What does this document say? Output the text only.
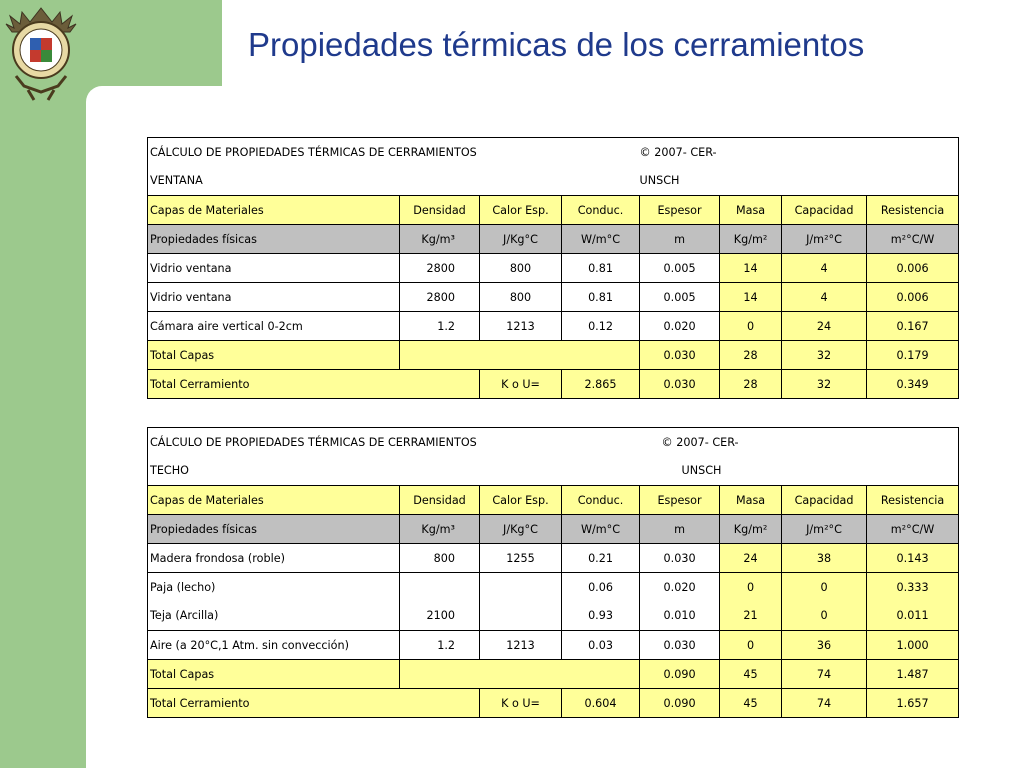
Propiedades térmicas de los cerramientos
CÁLCULO DE PROPIEDADES TÉRMICAS DE CERRAMIENTOS				© 2007- CER-			
VENTANA				UNSCH			
Capas de Materiales	Densidad	Calor Esp.	Conduc.	Espesor	Masa	Capacidad	Resistencia
Propiedades físicas	Kg/m³	J/Kg°C	W/m°C	m	Kg/m²	J/m²°C	m²°C/W
Vidrio ventana	2800	800	0.81	0.005	14	4	0.006
Vidrio ventana	2800	800	0.81	0.005	14	4	0.006
Cámara aire vertical 0-2cm	1.2	1213	0.12	0.020	0	24	0.167
Total Capas				0.030	28	32	0.179
Total Cerramiento		K o U=	2.865	0.030	28	32	0.349
CÁLCULO DE PROPIEDADES TÉRMICAS DE CERRAMIENTOS				© 2007- CER-			
TECHO				UNSCH			
Capas de Materiales	Densidad	Calor Esp.	Conduc.	Espesor	Masa	Capacidad	Resistencia
Propiedades físicas	Kg/m³	J/Kg°C	W/m°C	m	Kg/m²	J/m²°C	m²°C/W
Madera frondosa (roble)	800	1255	0.21	0.030	24	38	0.143
Paja (lecho)			0.06	0.020	0	0	0.333
Teja (Arcilla)	2100		0.93	0.010	21	0	0.011
Aire (a 20°C,1 Atm. sin convección)	1.2	1213	0.03	0.030	0	36	1.000
Total Capas				0.090	45	74	1.487
Total Cerramiento		K o U=	0.604	0.090	45	74	1.657
